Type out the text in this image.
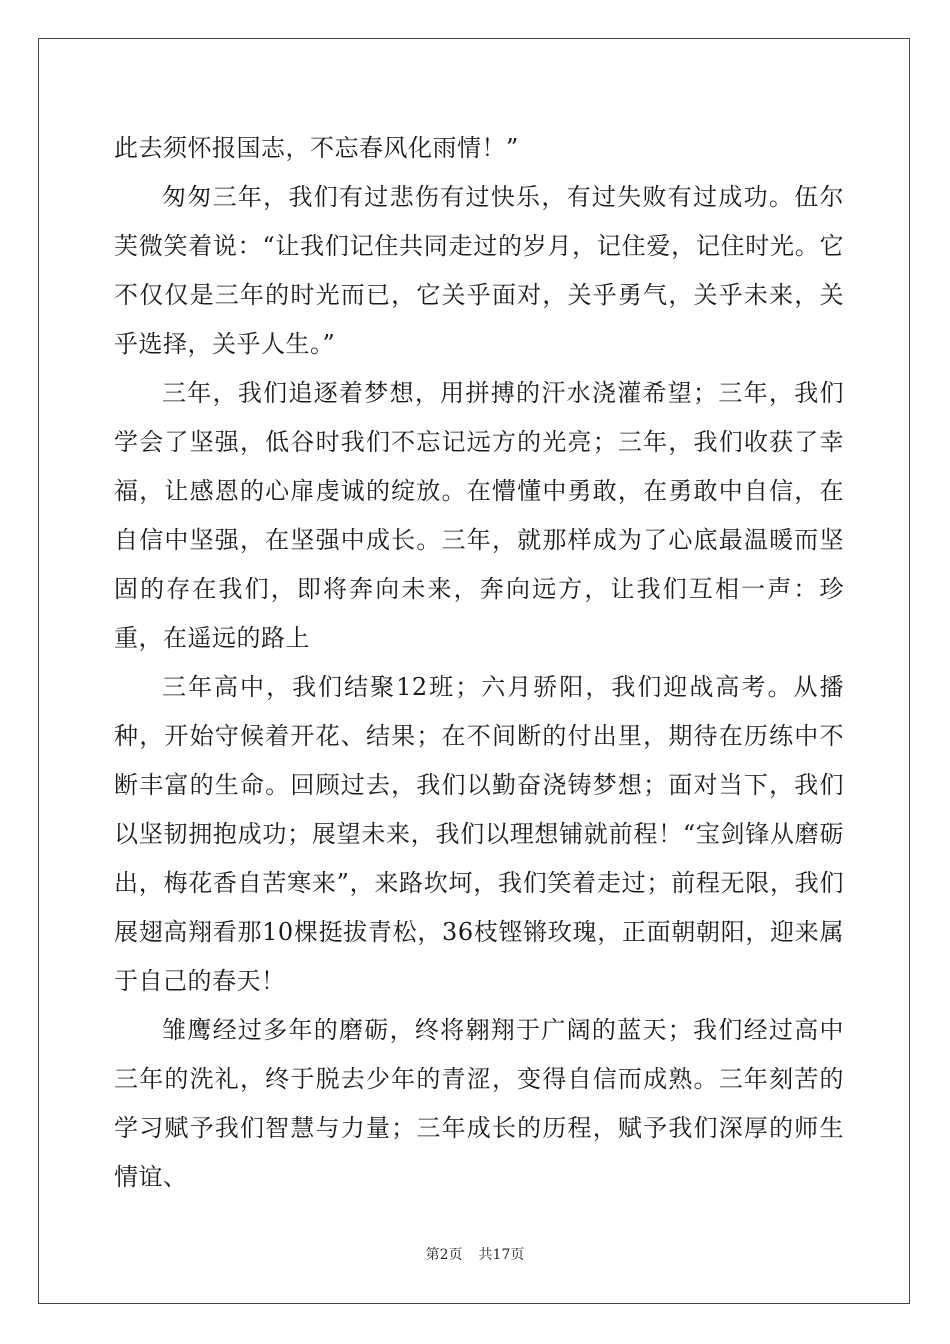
此去须怀报国志，不忘春风化雨情！”

匆匆三年，我们有过悲伤有过快乐，有过失败有过成功。伍尔芙微笑着说：“让我们记住共同走过的岁月，记住爱，记住时光。它不仅仅是三年的时光而已，它关乎面对，关乎勇气，关乎未来，关乎选择，关乎人生。”

三年，我们追逐着梦想，用拼搏的汗水浇灌希望；三年，我们学会了坚强，低谷时我们不忘记远方的光亮；三年，我们收获了幸福，让感恩的心扉虔诚的绽放。在懵懂中勇敢，在勇敢中自信，在自信中坚强，在坚强中成长。三年，就那样成为了心底最温暖而坚固的存在我们，即将奔向未来，奔向远方，让我们互相一声：珍重，在遥远的路上

三年高中，我们结聚12班；六月骄阳，我们迎战高考。从播种，开始守候着开花、结果；在不间断的付出里，期待在历练中不断丰富的生命。回顾过去，我们以勤奋浇铸梦想；面对当下，我们以坚韧拥抱成功；展望未来，我们以理想铺就前程！“宝剑锋从磨砺出，梅花香自苦寒来”，来路坎坷，我们笑着走过；前程无限，我们展翅高翔看那10棵挺拔青松，36枝铿锵玫瑰，正面朝朝阳，迎来属于自己的春天！

雏鹰经过多年的磨砺，终将翱翔于广阔的蓝天；我们经过高中三年的洗礼，终于脱去少年的青涩，变得自信而成熟。三年刻苦的学习赋予我们智慧与力量；三年成长的历程，赋予我们深厚的师生情谊、

第2页 共17页
